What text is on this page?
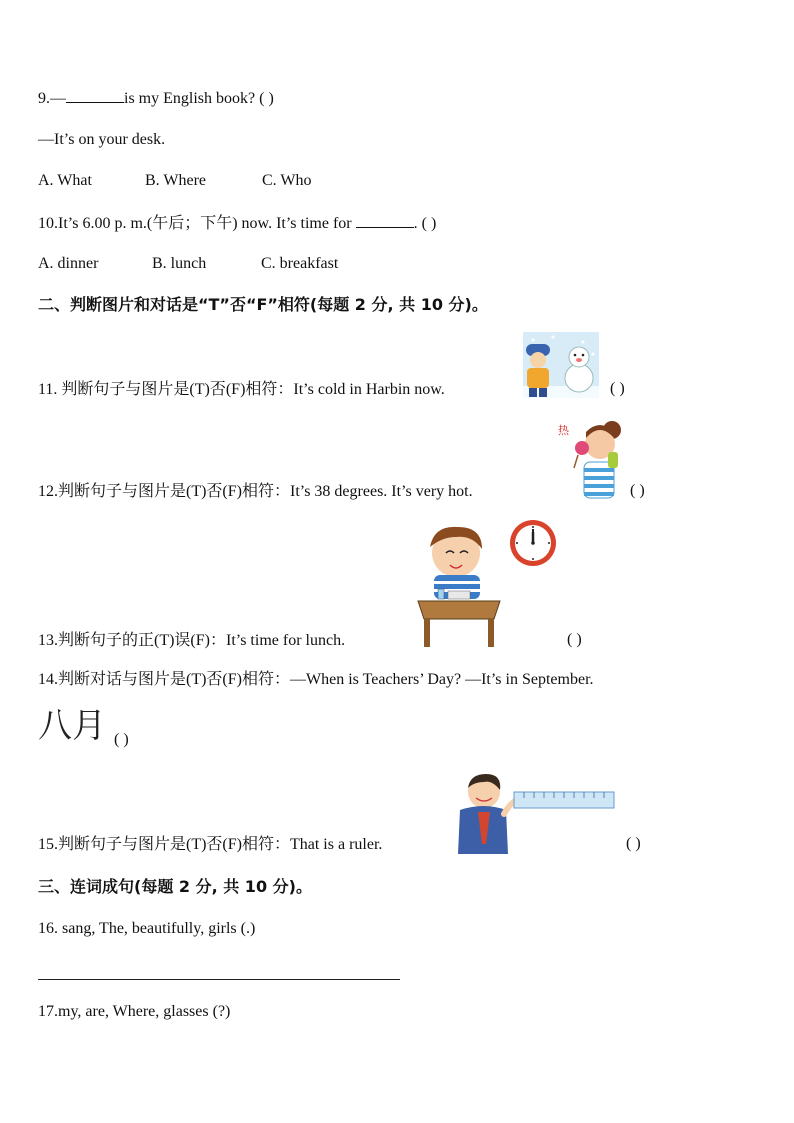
9.—	is my English book? ( )
—It’s on your desk.
A. What	B. Where	C. Who
10.It’s 6.00 p. m.(午后；下午) now. It’s time for	. ( )
A. dinner	B. lunch	C. breakfast
二、判断图片和对话是“T”否“F”相符(每题 2 分, 共 10 分)。
11. 判断句子与图片是(T)否(F)相符：It’s cold in Harbin now.	( )
热
12.判断句子与图片是(T)否(F)相符：It’s 38 degrees. It’s very hot.	( )
13.判断句子的正(T)误(F)：It’s time for lunch.	( )
14.判断对话与图片是(T)否(F)相符：—When is Teachers’ Day? —It’s in September.
八月 ( )
15.判断句子与图片是(T)否(F)相符：That is a ruler.	( )
三、连词成句(每题 2 分, 共 10 分)。
16. sang, The, beautifully, girls (.)
17.my, are, Where, glasses (?)
